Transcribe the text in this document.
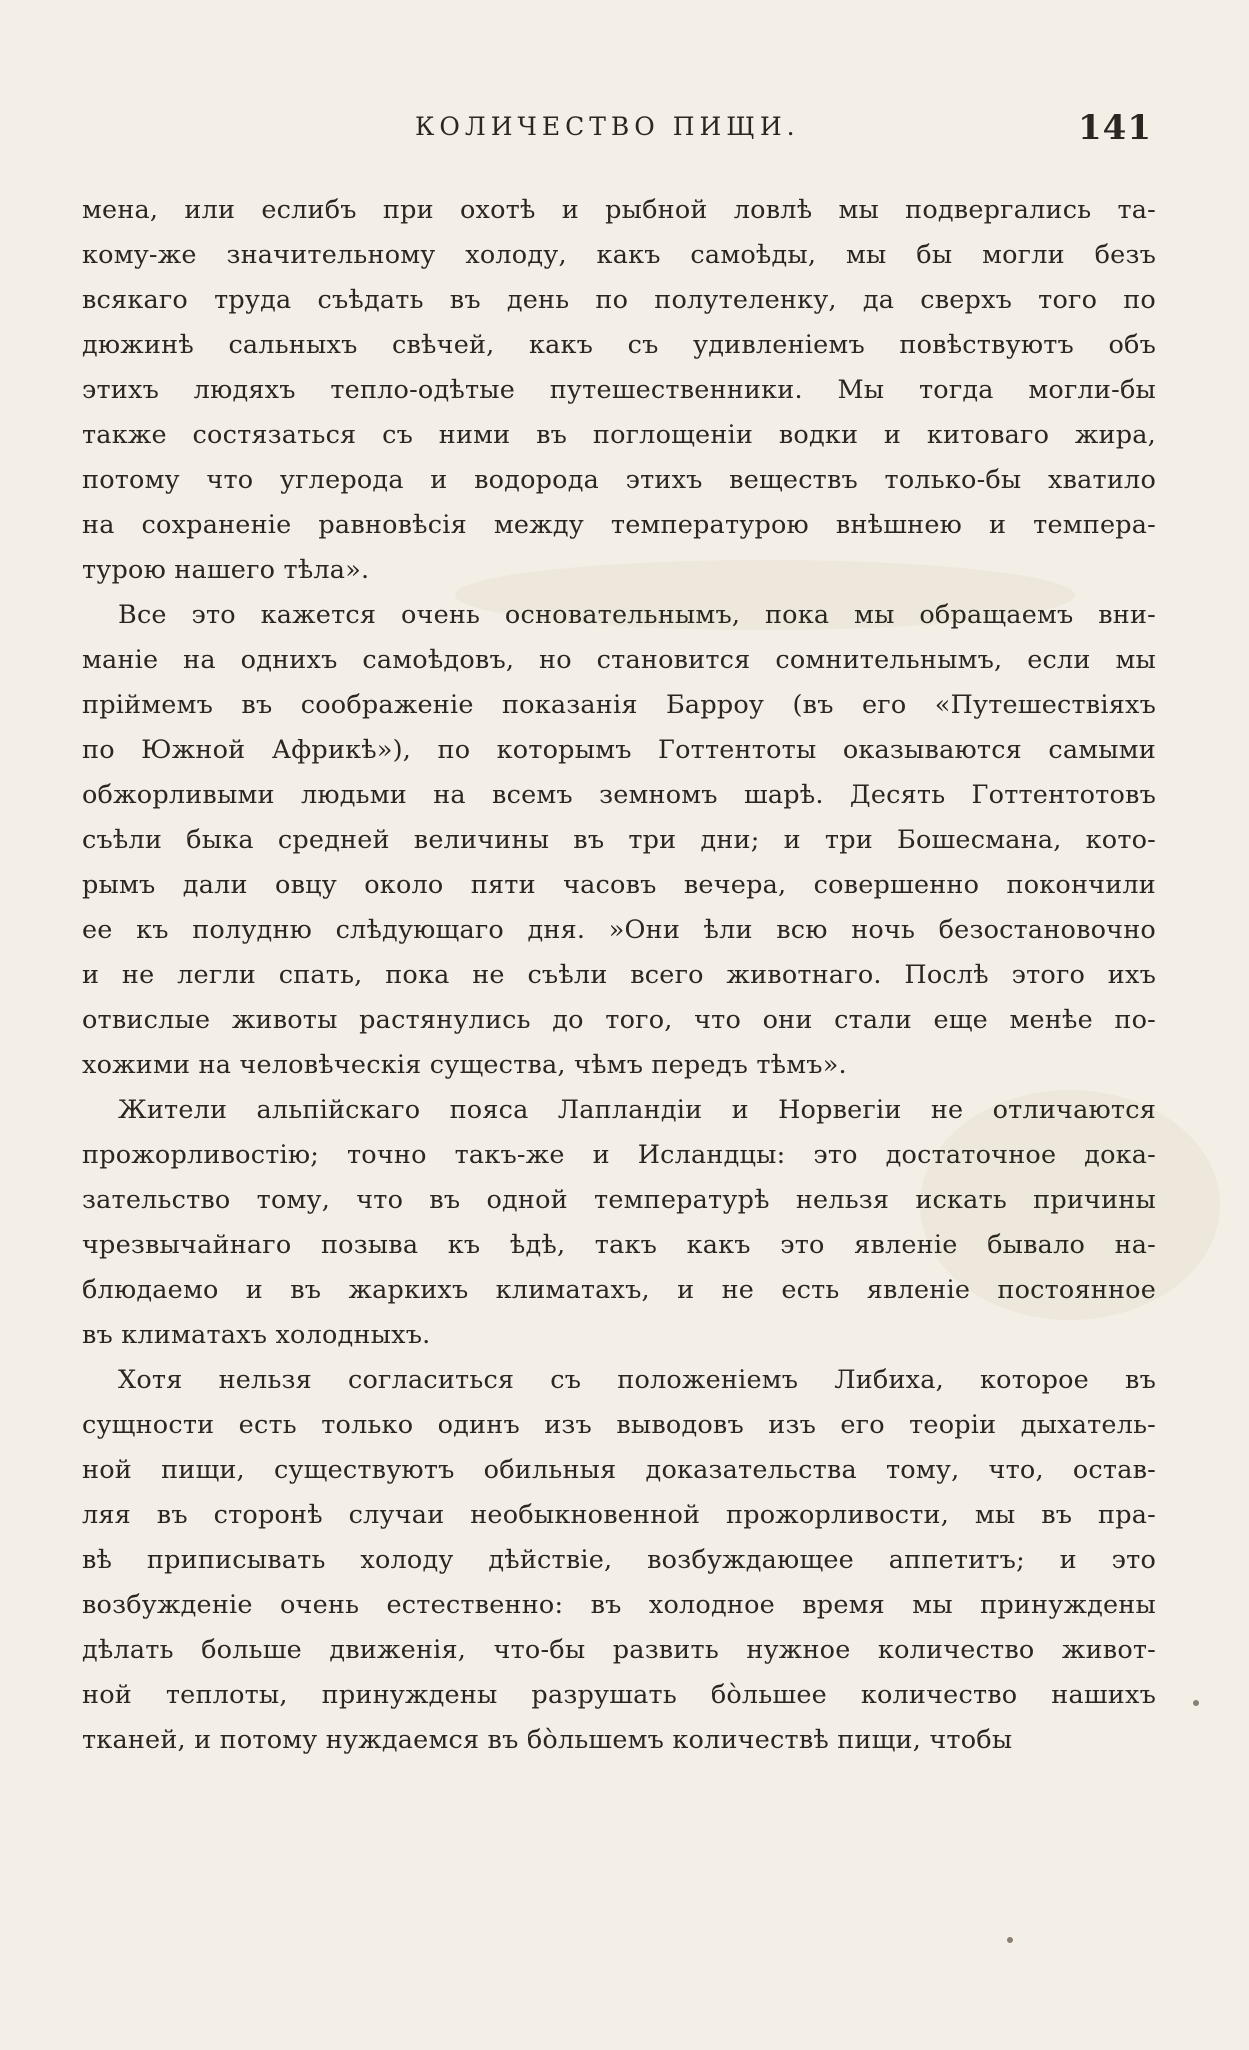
КОЛИЧЕСТВО ПИЩИ.	141
мена, или еслибъ при охотѣ и рыбной ловлѣ мы подвергались та-
кому-же значительному холоду, какъ самоѣды, мы бы могли безъ
всякаго труда съѣдать въ день по полутеленку, да сверхъ того по
дюжинѣ сальныхъ свѣчей, какъ съ удивленіемъ повѣствуютъ объ
этихъ людяхъ тепло-одѣтые путешественники. Мы тогда могли-бы
также состязаться съ ними въ поглощеніи водки и китоваго жира,
потому что углерода и водорода этихъ веществъ только-бы хватило
на сохраненіе равновѣсія между температурою внѣшнею и темпера-
турою нашего тѣла».
Все это кажется очень основательнымъ, пока мы обращаемъ вни-
маніе на однихъ самоѣдовъ, но становится сомнительнымъ, если мы
пріймемъ въ соображеніе показанія Барроу (въ его «Путешествіяхъ
по Южной Африкѣ»), по которымъ Готтентоты оказываются самыми
обжорливыми людьми на всемъ земномъ шарѣ. Десять Готтентотовъ
съѣли быка средней величины въ три дни; и три Бошесмана, кото-
рымъ дали овцу около пяти часовъ вечера, совершенно покончили
ее къ полудню слѣдующаго дня. »Они ѣли всю ночь безостановочно
и не легли спать, пока не съѣли всего животнаго. Послѣ этого ихъ
отвислые животы растянулись до того, что они стали еще менѣе по-
хожими на человѣческія существа, чѣмъ передъ тѣмъ».
Жители альпійскаго пояса Лапландіи и Норвегіи не отличаются
прожорливостію; точно такъ-же и Исландцы: это достаточное дока-
зательство тому, что въ одной температурѣ нельзя искать причины
чрезвычайнаго позыва къ ѣдѣ, такъ какъ это явленіе бывало на-
блюдаемо и въ жаркихъ климатахъ, и не есть явленіе постоянное
въ климатахъ холодныхъ.
Хотя нельзя согласиться съ положеніемъ Либиха, которое въ
сущности есть только одинъ изъ выводовъ изъ его теоріи дыхатель-
ной пищи, существуютъ обильныя доказательства тому, что, остав-
ляя въ сторонѣ случаи необыкновенной прожорливости, мы въ пра-
вѣ приписывать холоду дѣйствіе, возбуждающее аппетитъ; и это
возбужденіе очень естественно: въ холодное время мы принуждены
дѣлать больше движенія, что-бы развить нужное количество живот-
ной теплоты, принуждены разрушать бо̀льшее количество нашихъ
тканей, и потому нуждаемся въ бо̀льшемъ количествѣ пищи, чтобы
